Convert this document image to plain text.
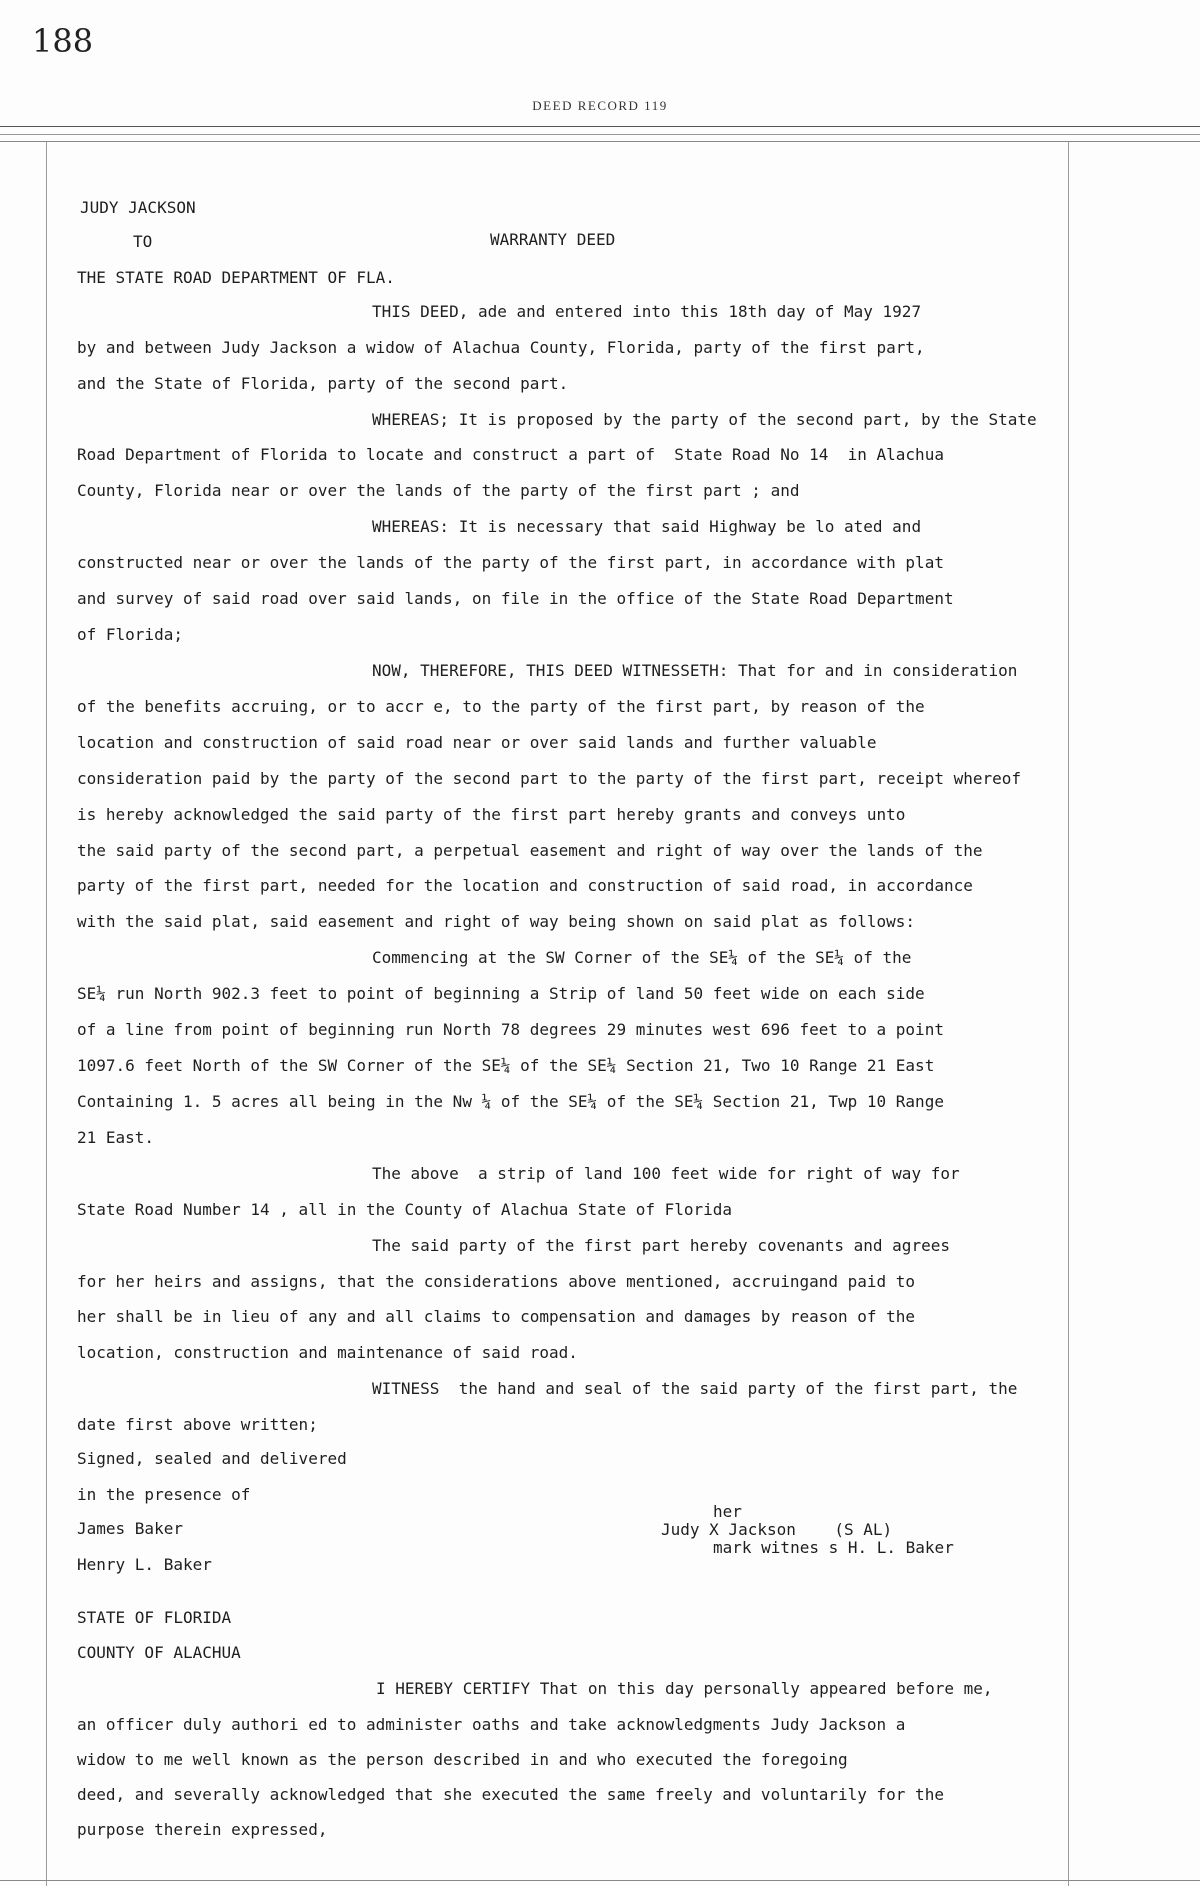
188
DEED RECORD 119
JUDY JACKSON
TO	WARRANTY DEED
THE STATE ROAD DEPARTMENT OF FLA.
THIS DEED, ade and entered into this 18th day of May 1927
by and between Judy Jackson a widow of Alachua County, Florida, party of the first part,
and the State of Florida, party of the second part.
WHEREAS; It is proposed by the party of the second part, by the State
Road Department of Florida to locate and construct a part of  State Road No 14  in Alachua
County, Florida near or over the lands of the party of the first part ; and
WHEREAS: It is necessary that said Highway be lo ated and
constructed near or over the lands of the party of the first part, in accordance with plat
and survey of said road over said lands, on file in the office of the State Road Department
of Florida;
NOW, THEREFORE, THIS DEED WITNESSETH: That for and in consideration
of the benefits accruing, or to accr e, to the party of the first part, by reason of the
location and construction of said road near or over said lands and further valuable
consideration paid by the party of the second part to the party of the first part, receipt whereof
is hereby acknowledged the said party of the first part hereby grants and conveys unto
the said party of the second part, a perpetual easement and right of way over the lands of the
party of the first part, needed for the location and construction of said road, in accordance
with the said plat, said easement and right of way being shown on said plat as follows:
Commencing at the SW Corner of the SE¼ of the SE¼ of the
SE¼ run North 902.3 feet to point of beginning a Strip of land 50 feet wide on each side
of a line from point of beginning run North 78 degrees 29 minutes west 696 feet to a point
1097.6 feet North of the SW Corner of the SE¼ of the SE¼ Section 21, Two 10 Range 21 East
Containing 1. 5 acres all being in the Nw ¼ of the SE¼ of the SE¼ Section 21, Twp 10 Range
21 East.
The above  a strip of land 100 feet wide for right of way for
State Road Number 14 , all in the County of Alachua State of Florida
The said party of the first part hereby covenants and agrees
for her heirs and assigns, that the considerations above mentioned, accruingand paid to
her shall be in lieu of any and all claims to compensation and damages by reason of the
location, construction and maintenance of said road.
WITNESS  the hand and seal of the said party of the first part, the
date first above written;
Signed, sealed and delivered
in the presence of
James Baker
Henry L. Baker
her
Judy X Jackson    (S AL)
mark witnes s H. L. Baker
STATE OF FLORIDA
COUNTY OF ALACHUA
I HEREBY CERTIFY That on this day personally appeared before me,
an officer duly authori ed to administer oaths and take acknowledgments Judy Jackson a
widow to me well known as the person described in and who executed the foregoing
deed, and severally acknowledged that she executed the same freely and voluntarily for the
purpose therein expressed,
